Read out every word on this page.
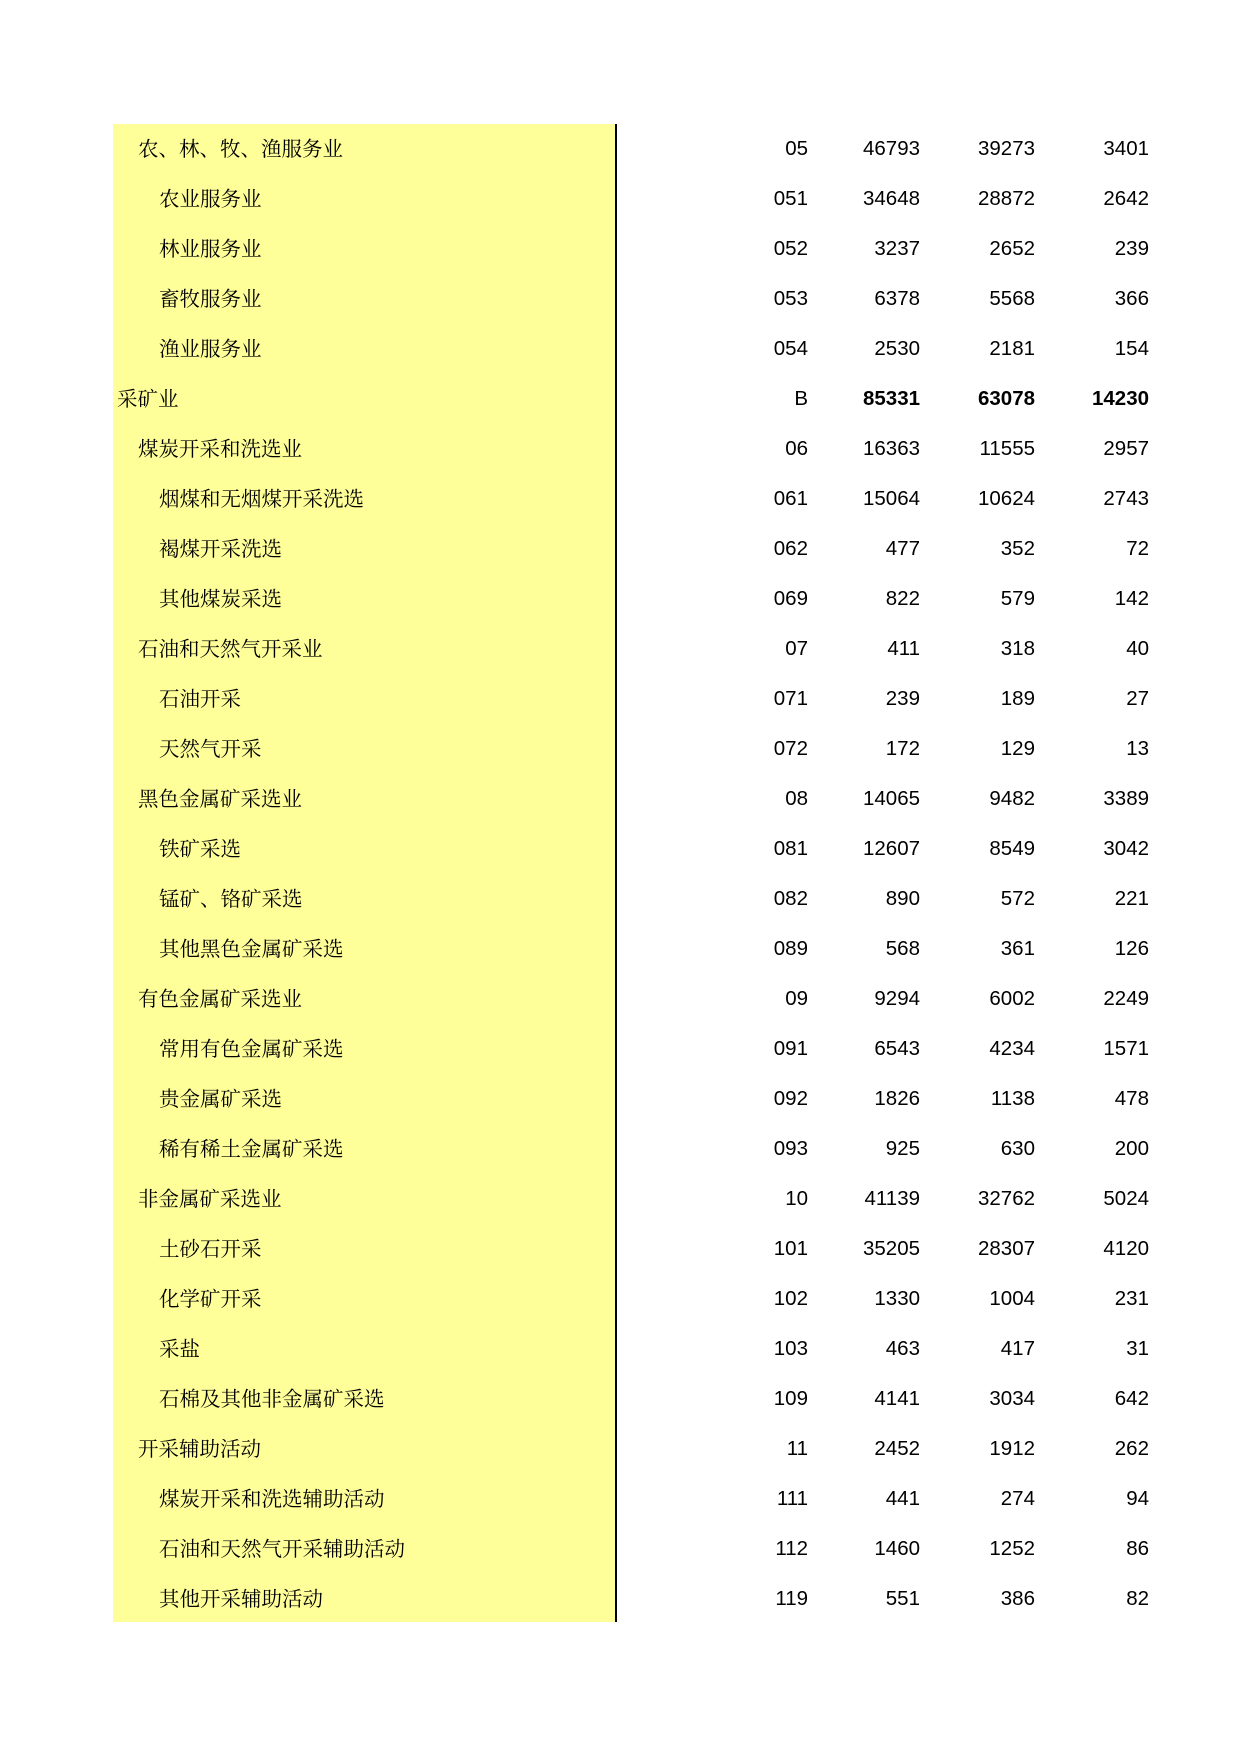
农、林、牧、渔服务业	05	46793	39273	3401
农业服务业	051	34648	28872	2642
林业服务业	052	3237	2652	239
畜牧服务业	053	6378	5568	366
渔业服务业	054	2530	2181	154
采矿业	B	85331	63078	14230
煤炭开采和洗选业	06	16363	11555	2957
烟煤和无烟煤开采洗选	061	15064	10624	2743
褐煤开采洗选	062	477	352	72
其他煤炭采选	069	822	579	142
石油和天然气开采业	07	411	318	40
石油开采	071	239	189	27
天然气开采	072	172	129	13
黑色金属矿采选业	08	14065	9482	3389
铁矿采选	081	12607	8549	3042
锰矿、铬矿采选	082	890	572	221
其他黑色金属矿采选	089	568	361	126
有色金属矿采选业	09	9294	6002	2249
常用有色金属矿采选	091	6543	4234	1571
贵金属矿采选	092	1826	1138	478
稀有稀土金属矿采选	093	925	630	200
非金属矿采选业	10	41139	32762	5024
土砂石开采	101	35205	28307	4120
化学矿开采	102	1330	1004	231
采盐	103	463	417	31
石棉及其他非金属矿采选	109	4141	3034	642
开采辅助活动	11	2452	1912	262
煤炭开采和洗选辅助活动	111	441	274	94
石油和天然气开采辅助活动	112	1460	1252	86
其他开采辅助活动	119	551	386	82
